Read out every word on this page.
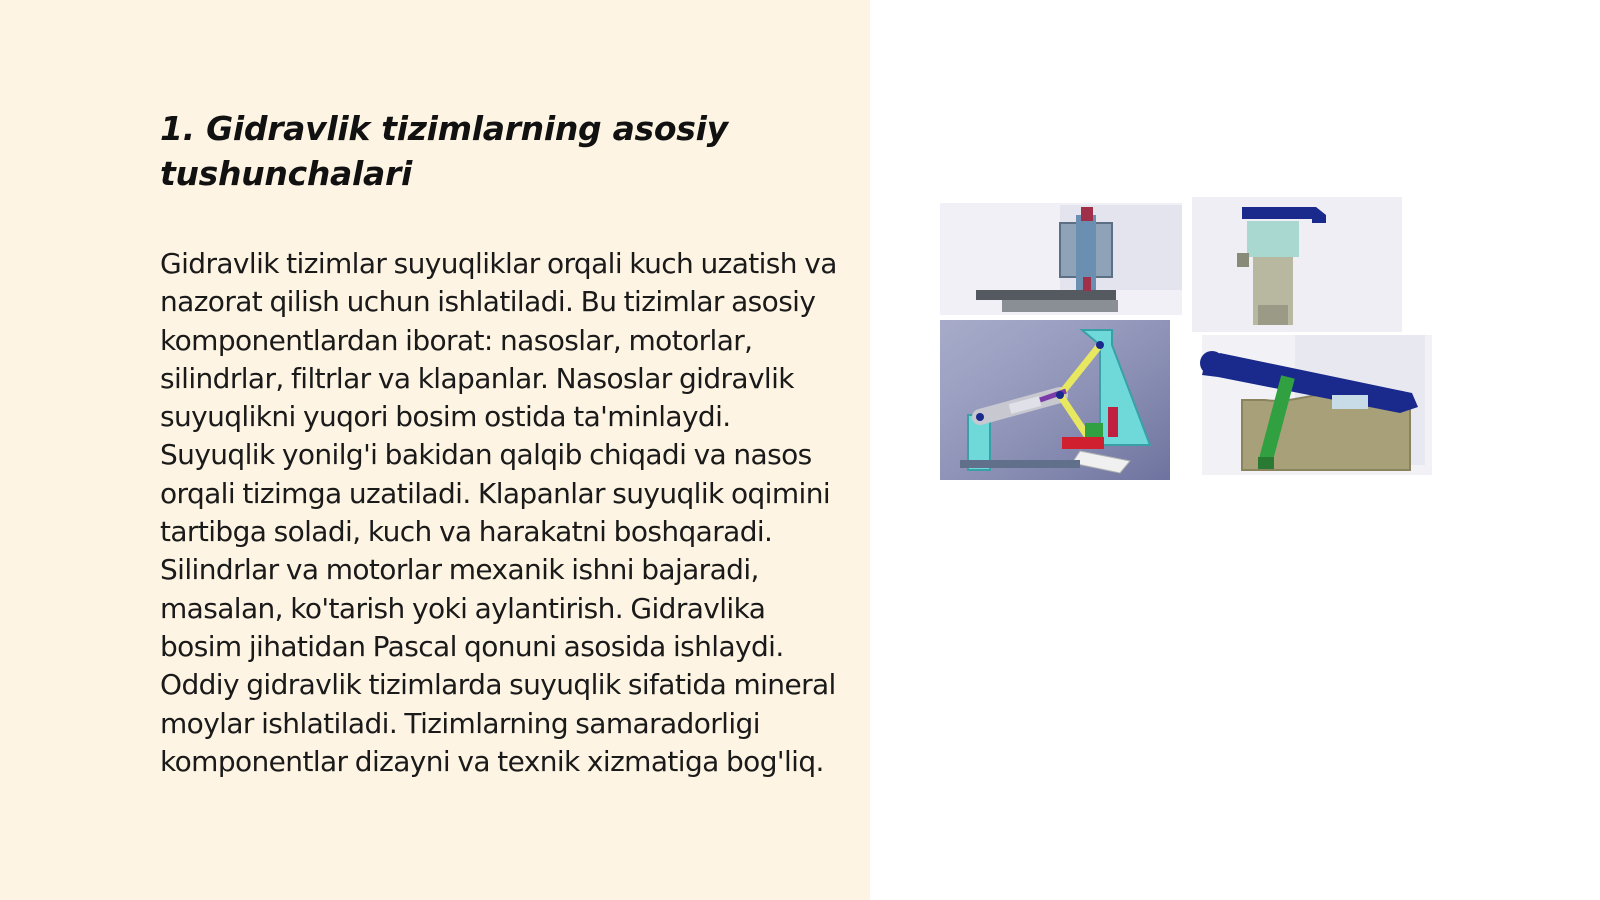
1. Gidravlik tizimlarning asosiy tushunchalari

Gidravlik tizimlar suyuqliklar orqali kuch uzatish va nazorat qilish uchun ishlatiladi. Bu tizimlar asosiy komponentlardan iborat: nasoslar, motorlar, silindrlar, filtrlar va klapanlar. Nasoslar gidravlik suyuqlikni yuqori bosim ostida ta'minlaydi. Suyuqlik yonilg'i bakidan qalqib chiqadi va nasos orqali tizimga uzatiladi. Klapanlar suyuqlik oqimini tartibga soladi, kuch va harakatni boshqaradi. Silindrlar va motorlar mexanik ishni bajaradi, masalan, ko'tarish yoki aylantirish. Gidravlika bosim jihatidan Pascal qonuni asosida ishlaydi. Oddiy gidravlik tizimlarda suyuqlik sifatida mineral moylar ishlatiladi. Tizimlarning samaradorligi komponentlar dizayni va texnik xizmatiga bog'liq.
